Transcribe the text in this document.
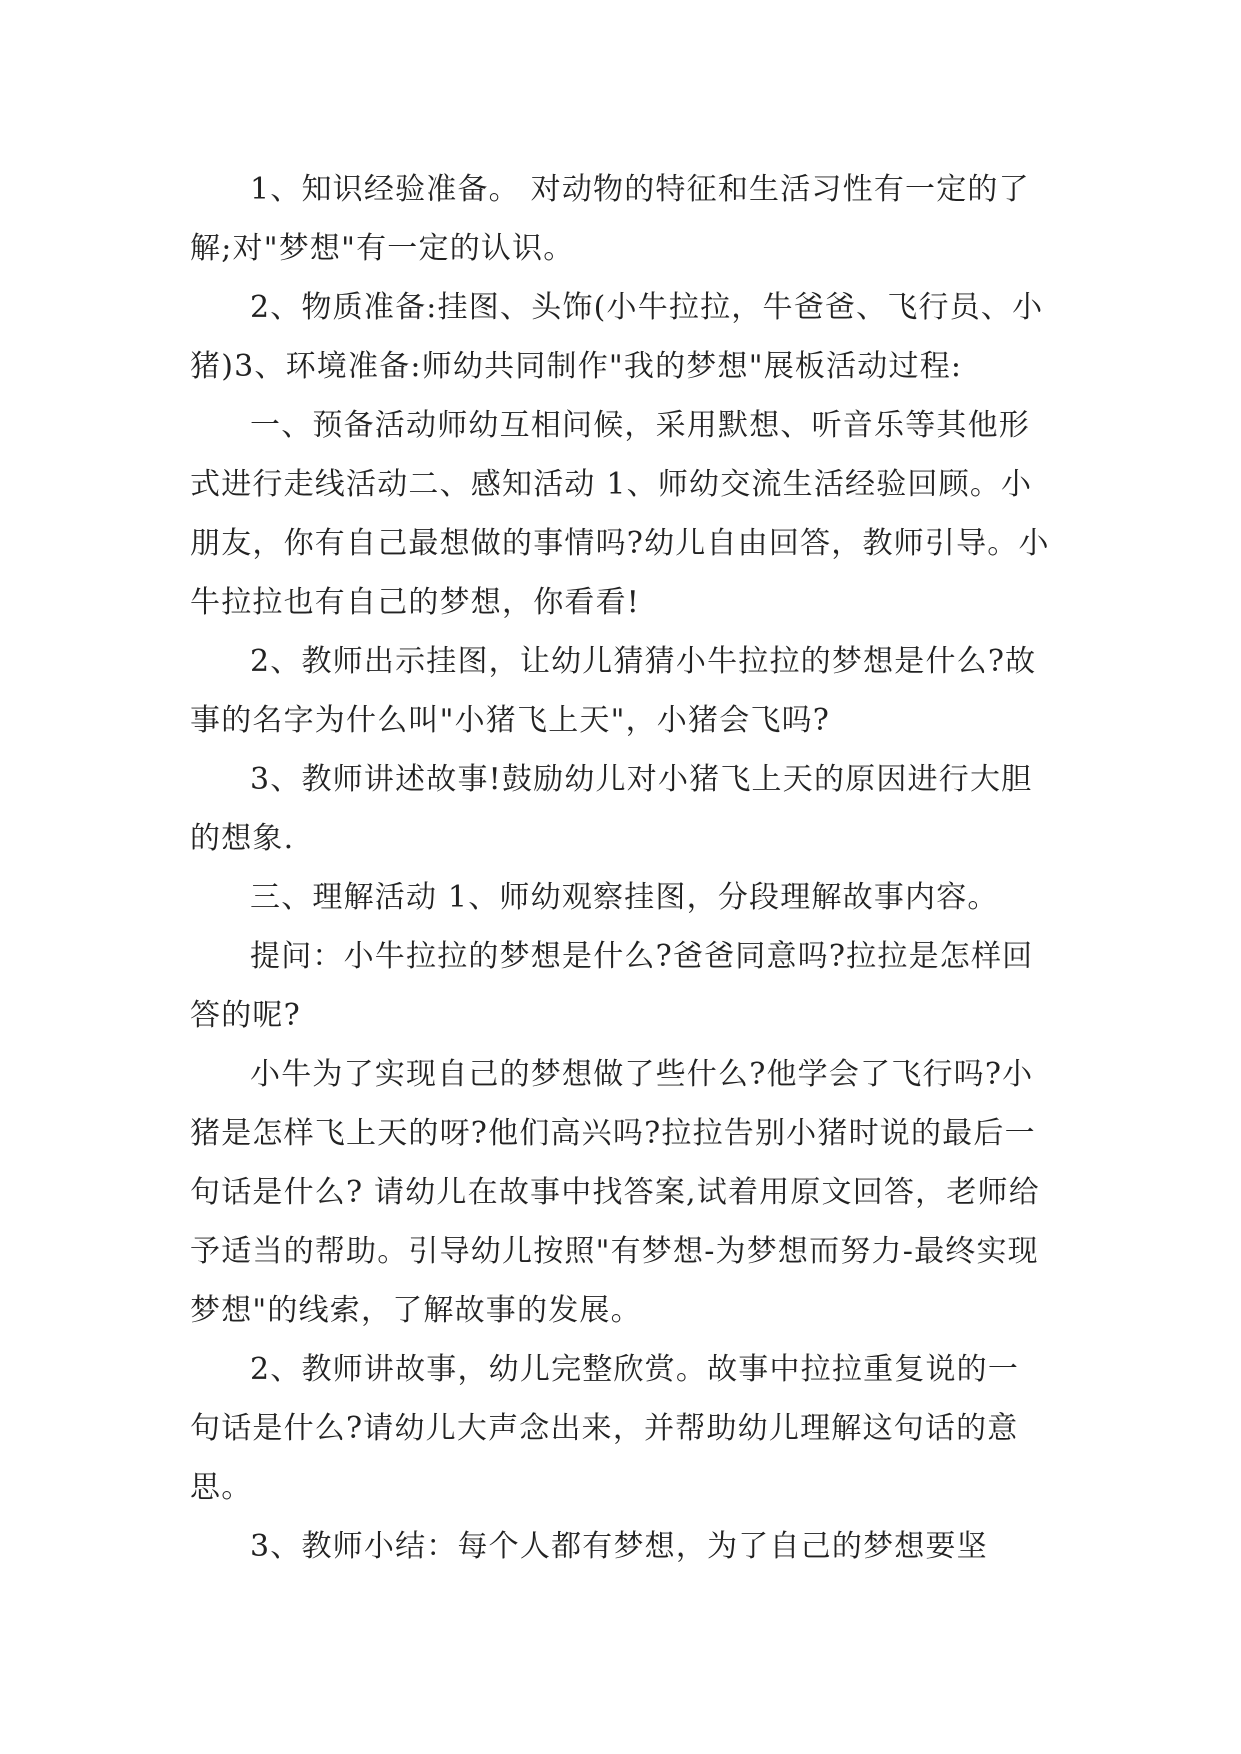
1、知识经验准备。 对动物的特征和生活习性有一定的了解;对"梦想"有一定的认识。

2、物质准备:挂图、头饰(小牛拉拉，牛爸爸、飞行员、小猪)3、环境准备:师幼共同制作"我的梦想"展板活动过程:

一、预备活动师幼互相问候，采用默想、听音乐等其他形式进行走线活动二、感知活动 1、师幼交流生活经验回顾。小朋友，你有自己最想做的事情吗?幼儿自由回答，教师引导。小牛拉拉也有自己的梦想，你看看!

2、教师出示挂图，让幼儿猜猜小牛拉拉的梦想是什么?故事的名字为什么叫"小猪飞上天"，小猪会飞吗?

3、教师讲述故事!鼓励幼儿对小猪飞上天的原因进行大胆的想象.

三、理解活动 1、师幼观察挂图，分段理解故事内容。

提问：小牛拉拉的梦想是什么?爸爸同意吗?拉拉是怎样回答的呢?

小牛为了实现自己的梦想做了些什么?他学会了飞行吗?小猪是怎样飞上天的呀?他们高兴吗?拉拉告别小猪时说的最后一句话是什么? 请幼儿在故事中找答案,试着用原文回答，老师给予适当的帮助。引导幼儿按照"有梦想-为梦想而努力-最终实现梦想"的线索，了解故事的发展。

2、教师讲故事，幼儿完整欣赏。故事中拉拉重复说的一句话是什么?请幼儿大声念出来，并帮助幼儿理解这句话的意思。

3、教师小结：每个人都有梦想，为了自己的梦想要坚
